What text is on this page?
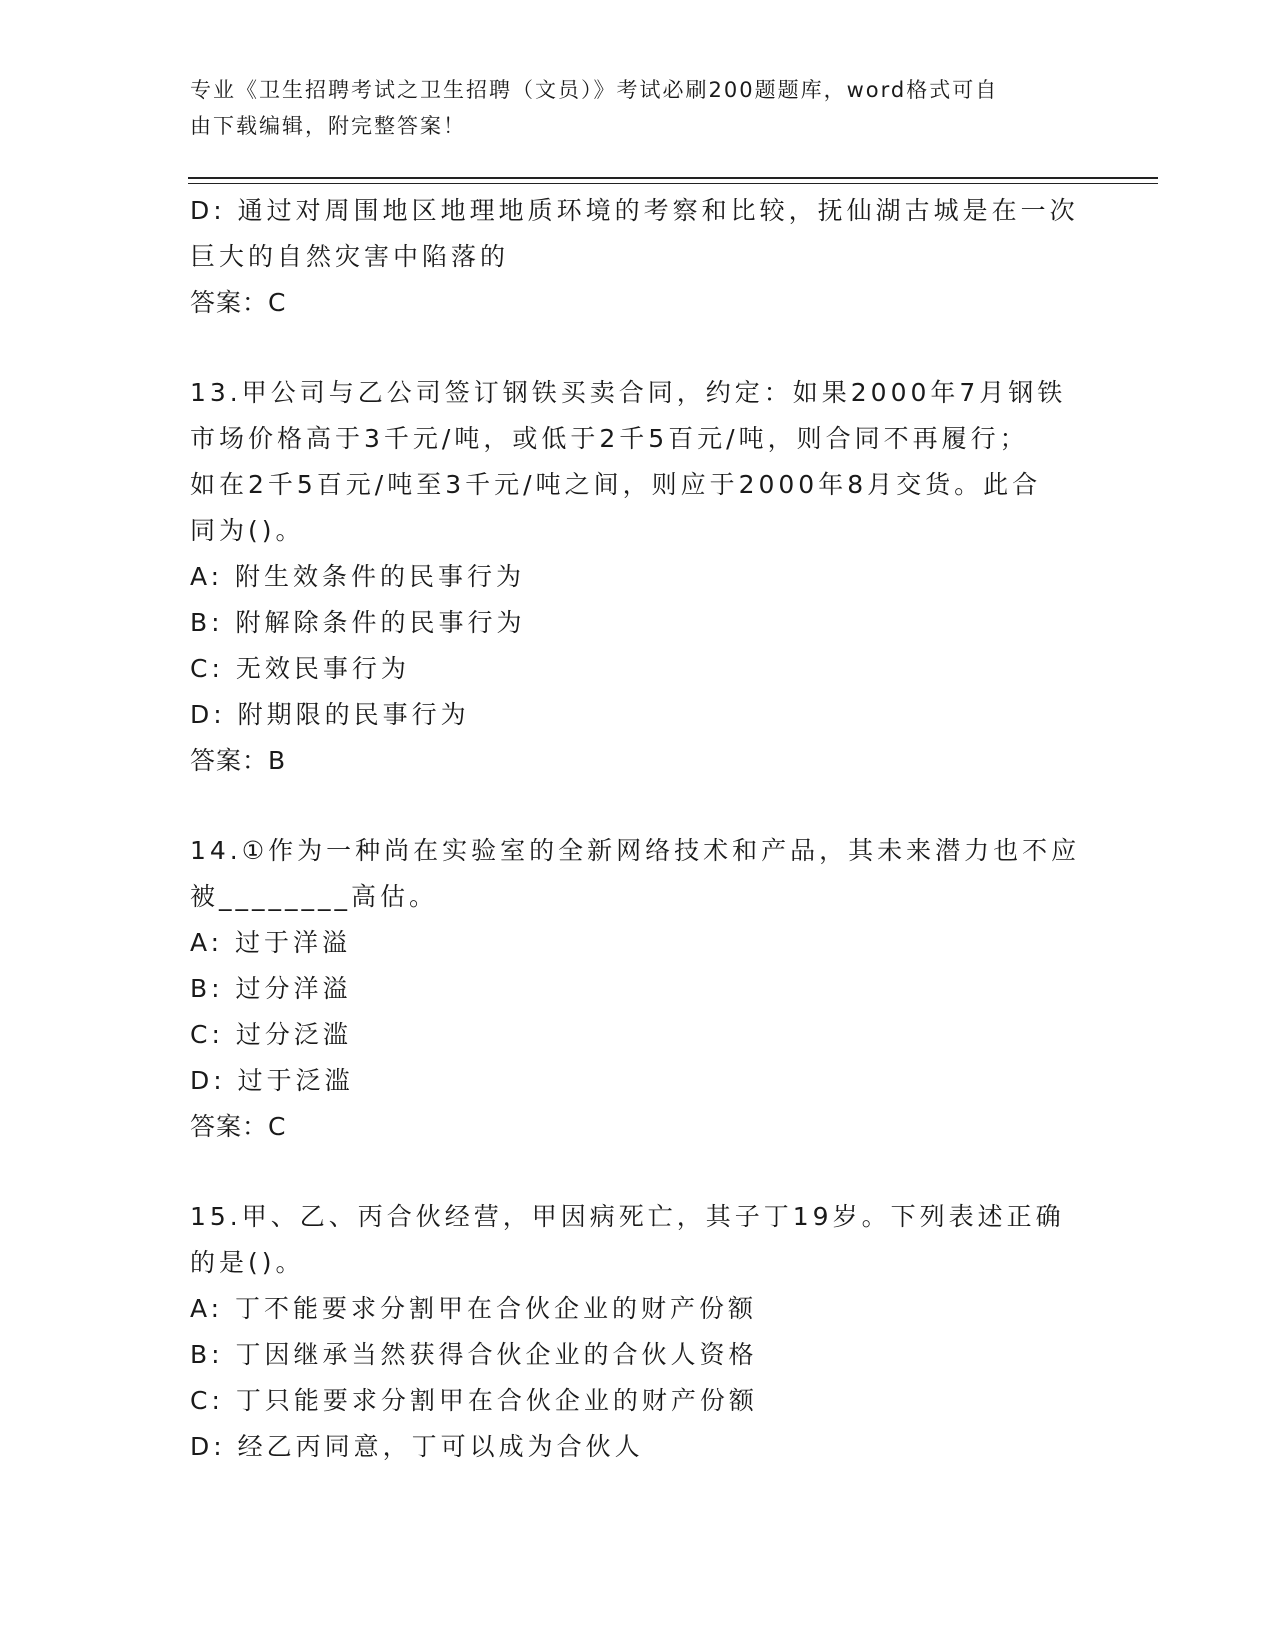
专业《卫生招聘考试之卫生招聘（文员）》考试必刷200题题库，word格式可自
由下载编辑，附完整答案！
D: 通过对周围地区地理地质环境的考察和比较，抚仙湖古城是在一次
巨大的自然灾害中陷落的
答案：C
13.甲公司与乙公司签订钢铁买卖合同，约定：如果2000年7月钢铁
市场价格高于3千元/吨，或低于2千5百元/吨，则合同不再履行；
如在2千5百元/吨至3千元/吨之间，则应于2000年8月交货。此合
同为()。
A: 附生效条件的民事行为
B: 附解除条件的民事行为
C: 无效民事行为
D: 附期限的民事行为
答案：B
14.①作为一种尚在实验室的全新网络技术和产品，其未来潜力也不应
被________高估。
A: 过于洋溢
B: 过分洋溢
C: 过分泛滥
D: 过于泛滥
答案：C
15.甲、乙、丙合伙经营，甲因病死亡，其子丁19岁。下列表述正确
的是()。
A: 丁不能要求分割甲在合伙企业的财产份额
B: 丁因继承当然获得合伙企业的合伙人资格
C: 丁只能要求分割甲在合伙企业的财产份额
D: 经乙丙同意，丁可以成为合伙人
